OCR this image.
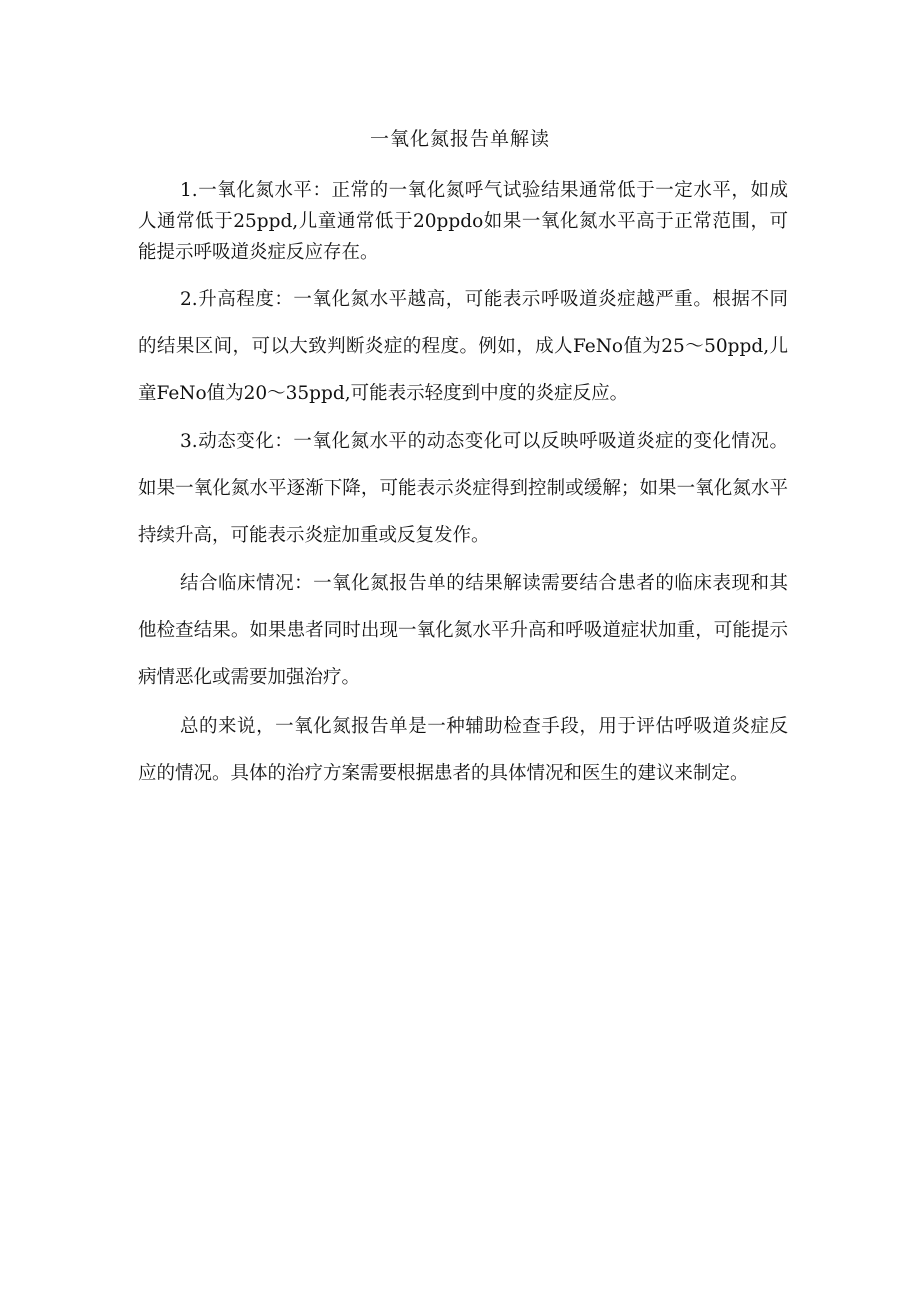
一氧化氮报告单解读

1.一氧化氮水平：正常的一氧化氮呼气试验结果通常低于一定水平，如成人通常低于25ppd,儿童通常低于20ppdo如果一氧化氮水平高于正常范围，可能提示呼吸道炎症反应存在。

2.升高程度：一氧化氮水平越高，可能表示呼吸道炎症越严重。根据不同的结果区间，可以大致判断炎症的程度。例如，成人FeNo值为25～50ppd,儿童FeNo值为20～35ppd,可能表示轻度到中度的炎症反应。

3.动态变化：一氧化氮水平的动态变化可以反映呼吸道炎症的变化情况。如果一氧化氮水平逐渐下降，可能表示炎症得到控制或缓解；如果一氧化氮水平持续升高，可能表示炎症加重或反复发作。

结合临床情况：一氧化氮报告单的结果解读需要结合患者的临床表现和其他检查结果。如果患者同时出现一氧化氮水平升高和呼吸道症状加重，可能提示病情恶化或需要加强治疗。

总的来说，一氧化氮报告单是一种辅助检查手段，用于评估呼吸道炎症反应的情况。具体的治疗方案需要根据患者的具体情况和医生的建议来制定。
